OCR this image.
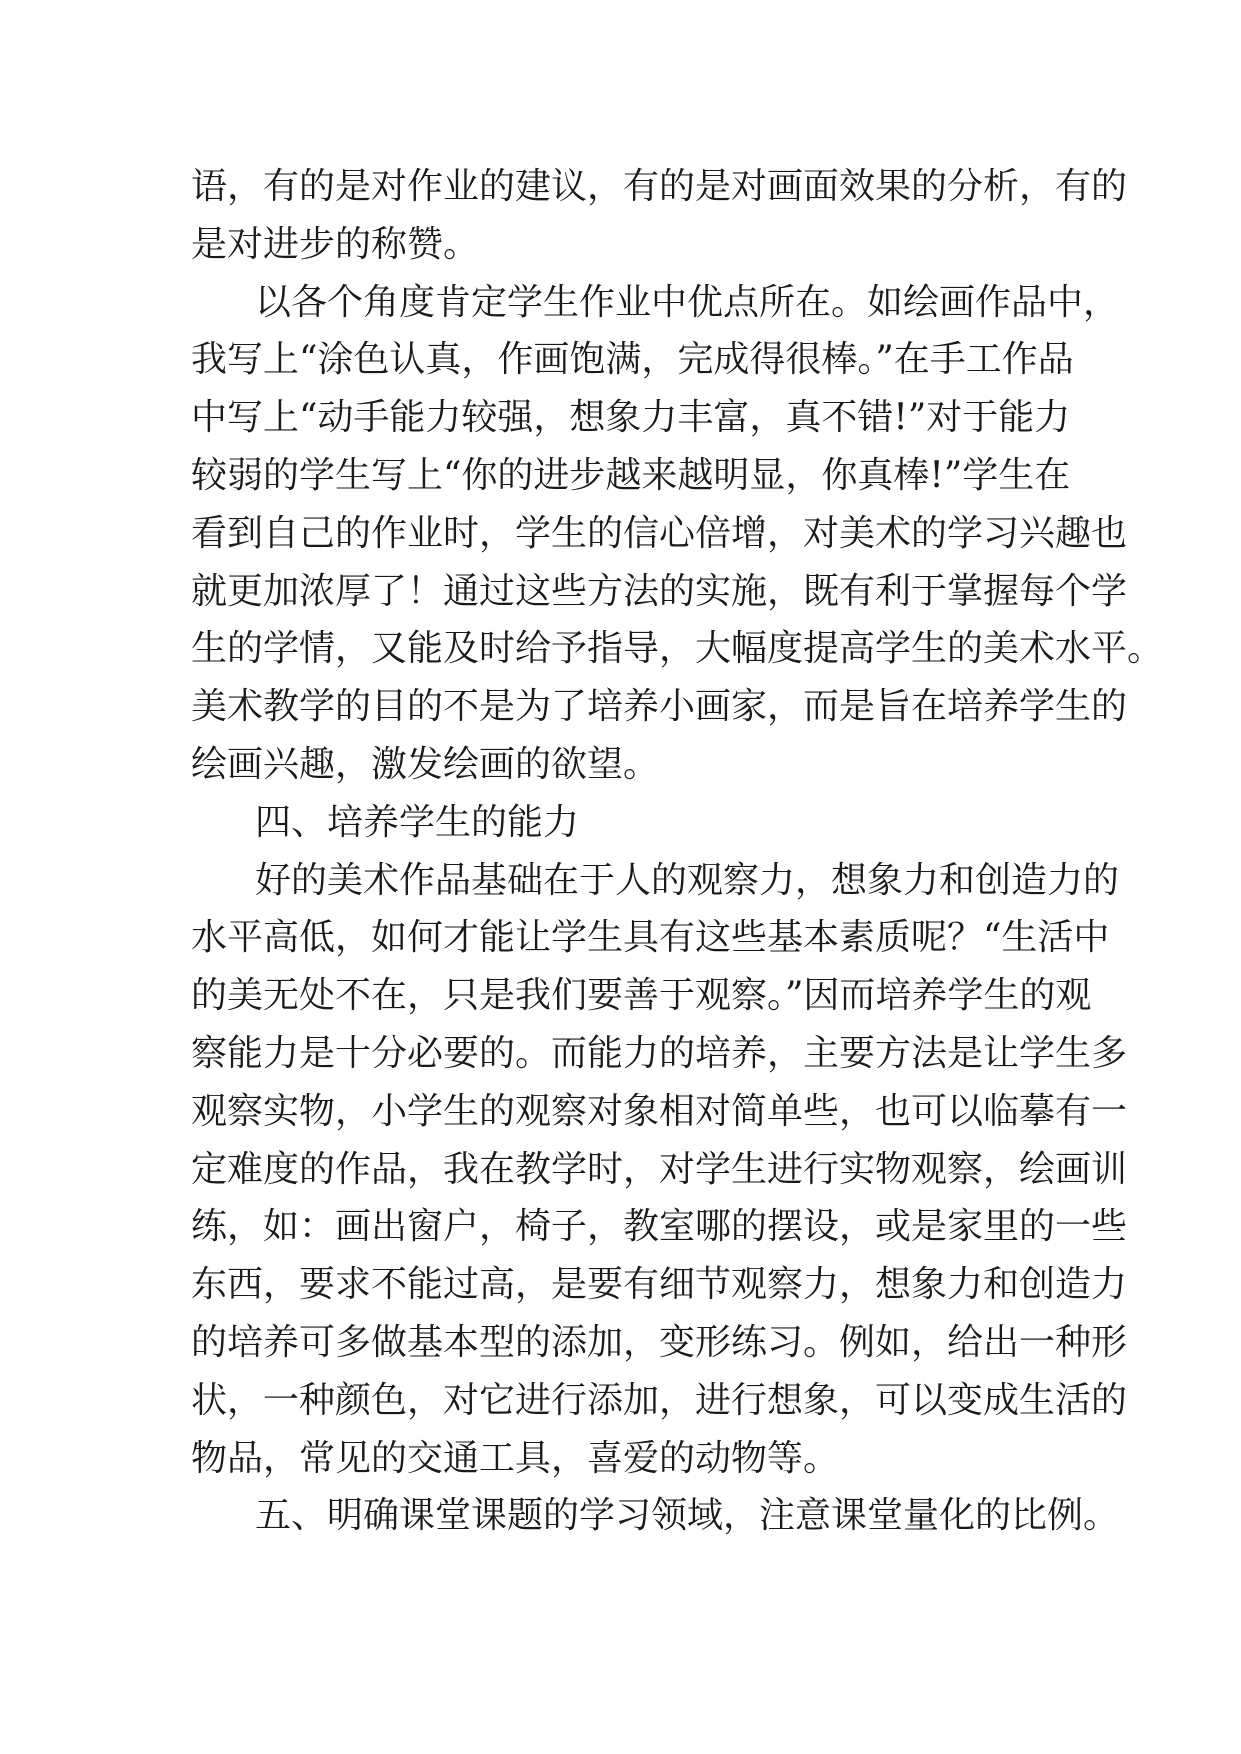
语，有的是对作业的建议，有的是对画面效果的分析，有的
是对进步的称赞。
以各个角度肯定学生作业中优点所在。如绘画作品中，
我写上“涂色认真，作画饱满，完成得很棒。”在手工作品
中写上“动手能力较强，想象力丰富，真不错!”对于能力
较弱的学生写上“你的进步越来越明显，你真棒!”学生在
看到自己的作业时，学生的信心倍增，对美术的学习兴趣也
就更加浓厚了！通过这些方法的实施，既有利于掌握每个学
生的学情，又能及时给予指导，大幅度提高学生的美术水平。
美术教学的目的不是为了培养小画家，而是旨在培养学生的
绘画兴趣，激发绘画的欲望。
四、培养学生的能力
好的美术作品基础在于人的观察力，想象力和创造力的
水平高低，如何才能让学生具有这些基本素质呢？“生活中
的美无处不在，只是我们要善于观察。”因而培养学生的观
察能力是十分必要的。而能力的培养，主要方法是让学生多
观察实物，小学生的观察对象相对简单些，也可以临摹有一
定难度的作品，我在教学时，对学生进行实物观察，绘画训
练，如：画出窗户，椅子，教室哪的摆设，或是家里的一些
东西，要求不能过高，是要有细节观察力，想象力和创造力
的培养可多做基本型的添加，变形练习。例如，给出一种形
状，一种颜色，对它进行添加，进行想象，可以变成生活的
物品，常见的交通工具，喜爱的动物等。
五、明确课堂课题的学习领域，注意课堂量化的比例。
